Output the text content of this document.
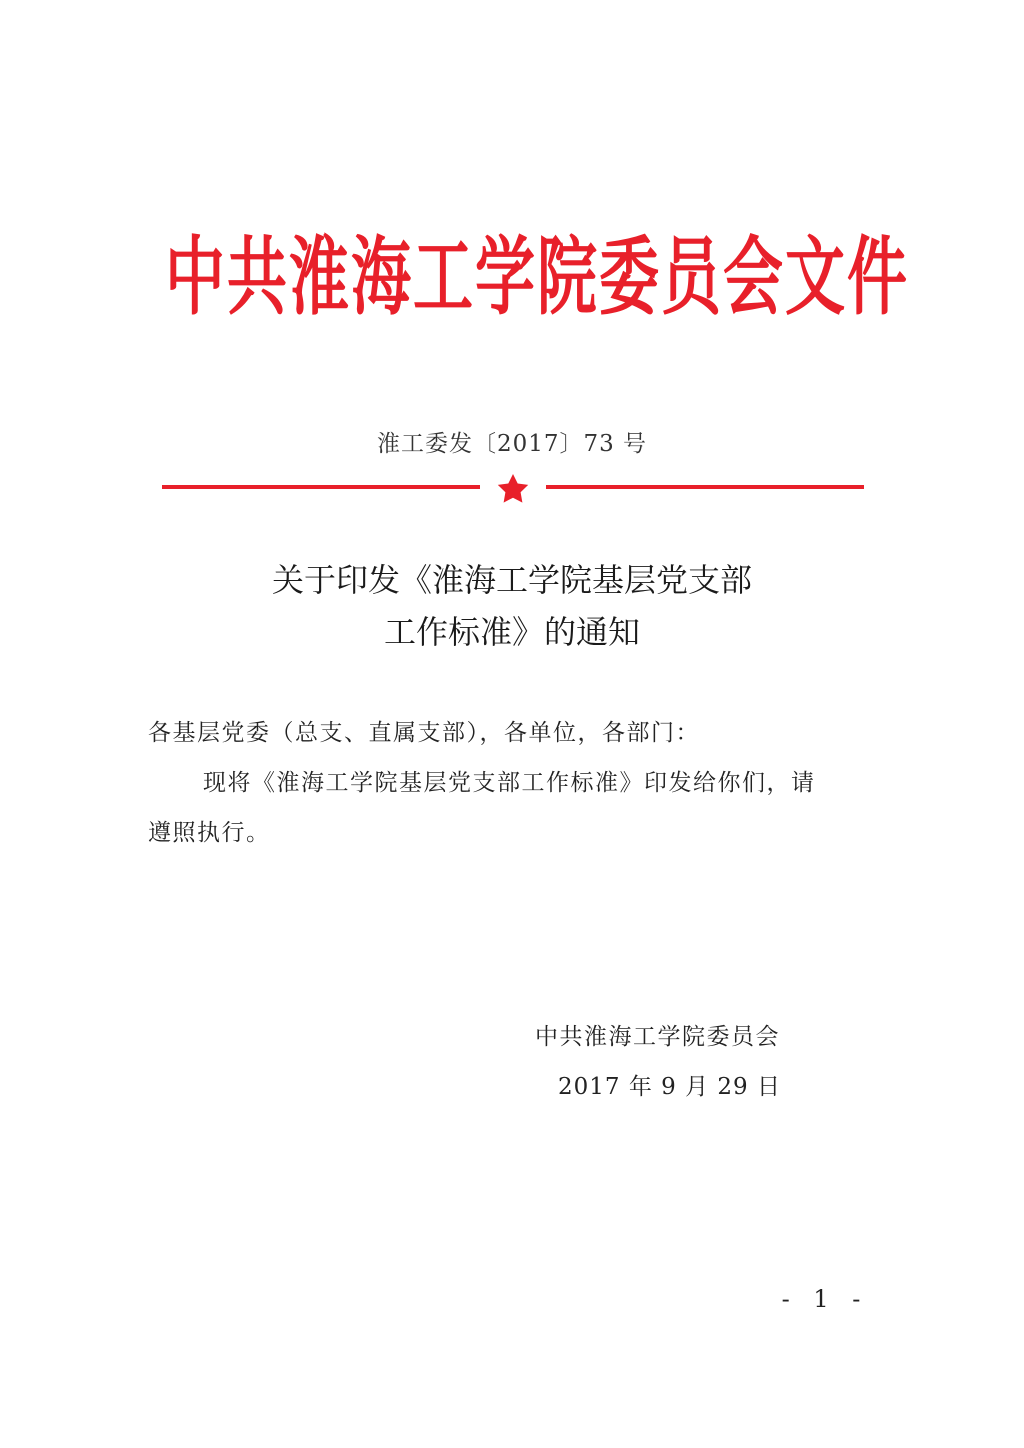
中共淮海工学院委员会文件
淮工委发〔2017〕73 号
关于印发《淮海工学院基层党支部
工作标准》的通知
各基层党委（总支、直属支部），各单位，各部门：
现将《淮海工学院基层党支部工作标准》印发给你们，请
遵照执行。
中共淮海工学院委员会
2017 年 9 月 29 日
- 1 -
